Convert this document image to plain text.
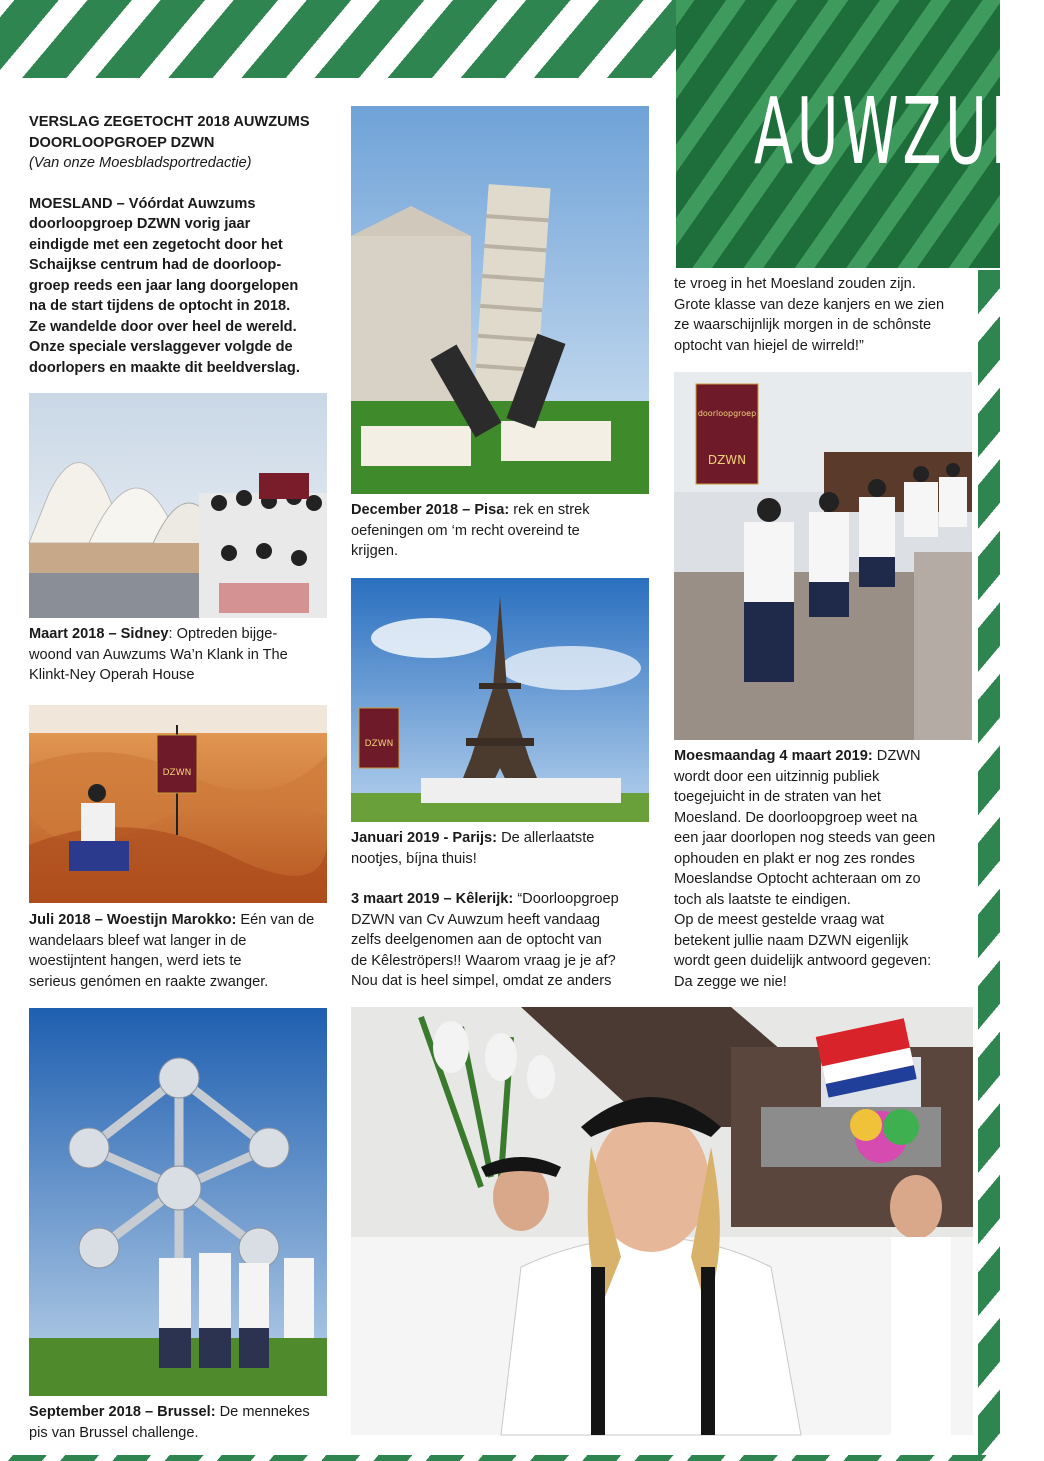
AUWZUM
VERSLAG ZEGETOCHT 2018 AUWZUMS
DOORLOOPGROEP DZWN
(Van onze Moesbladsportredactie)
MOESLAND – Vóórdat Auwzums
doorloopgroep DZWN vorig jaar
eindigde met een zegetocht door het
Schaijkse centrum had de doorloop-
groep reeds een jaar lang doorgelopen
na de start tijdens de optocht in 2018.
Ze wandelde door over heel de wereld.
Onze speciale verslaggever volgde de
doorlopers en maakte dit beeldverslag.
Maart 2018 – Sidney: Optreden bijge-
woond van Auwzums Wa’n Klank in The
Klinkt-Ney Operah House
DZWN
Juli 2018 – Woestijn Marokko: Eén van de
wandelaars bleef wat langer in de
woestijntent hangen, werd iets te
serieus genómen en raakte zwanger.
September 2018 – Brussel: De mennekes
pis van Brussel challenge.
December 2018 – Pisa: rek en strek
oefeningen om ‘m recht overeind te
krijgen.
DZWN
Januari 2019 - Parijs: De allerlaatste
nootjes, bíjna thuis!
3 maart 2019 – Kêlerijk: “Doorloopgroep
DZWN van Cv Auwzum heeft vandaag
zelfs deelgenomen aan de optocht van
de Kêleströpers!! Waarom vraag je je af?
Nou dat is heel simpel, omdat ze anders
te vroeg in het Moesland zouden zijn.
Grote klasse van deze kanjers en we zien
ze waarschijnlijk morgen in de schônste
optocht van hiejel de wirreld!”
doorloopgroep
DZWN
Moesmaandag 4 maart 2019: DZWN
wordt door een uitzinnig publiek
toegejuicht in de straten van het
Moesland. De doorloopgroep weet na
een jaar doorlopen nog steeds van geen
ophouden en plakt er nog zes rondes
Moeslandse Optocht achteraan om zo
toch als laatste te eindigen.
Op de meest gestelde vraag wat
betekent jullie naam DZWN eigenlijk
wordt geen duidelijk antwoord gegeven:
Da zegge we nie!
